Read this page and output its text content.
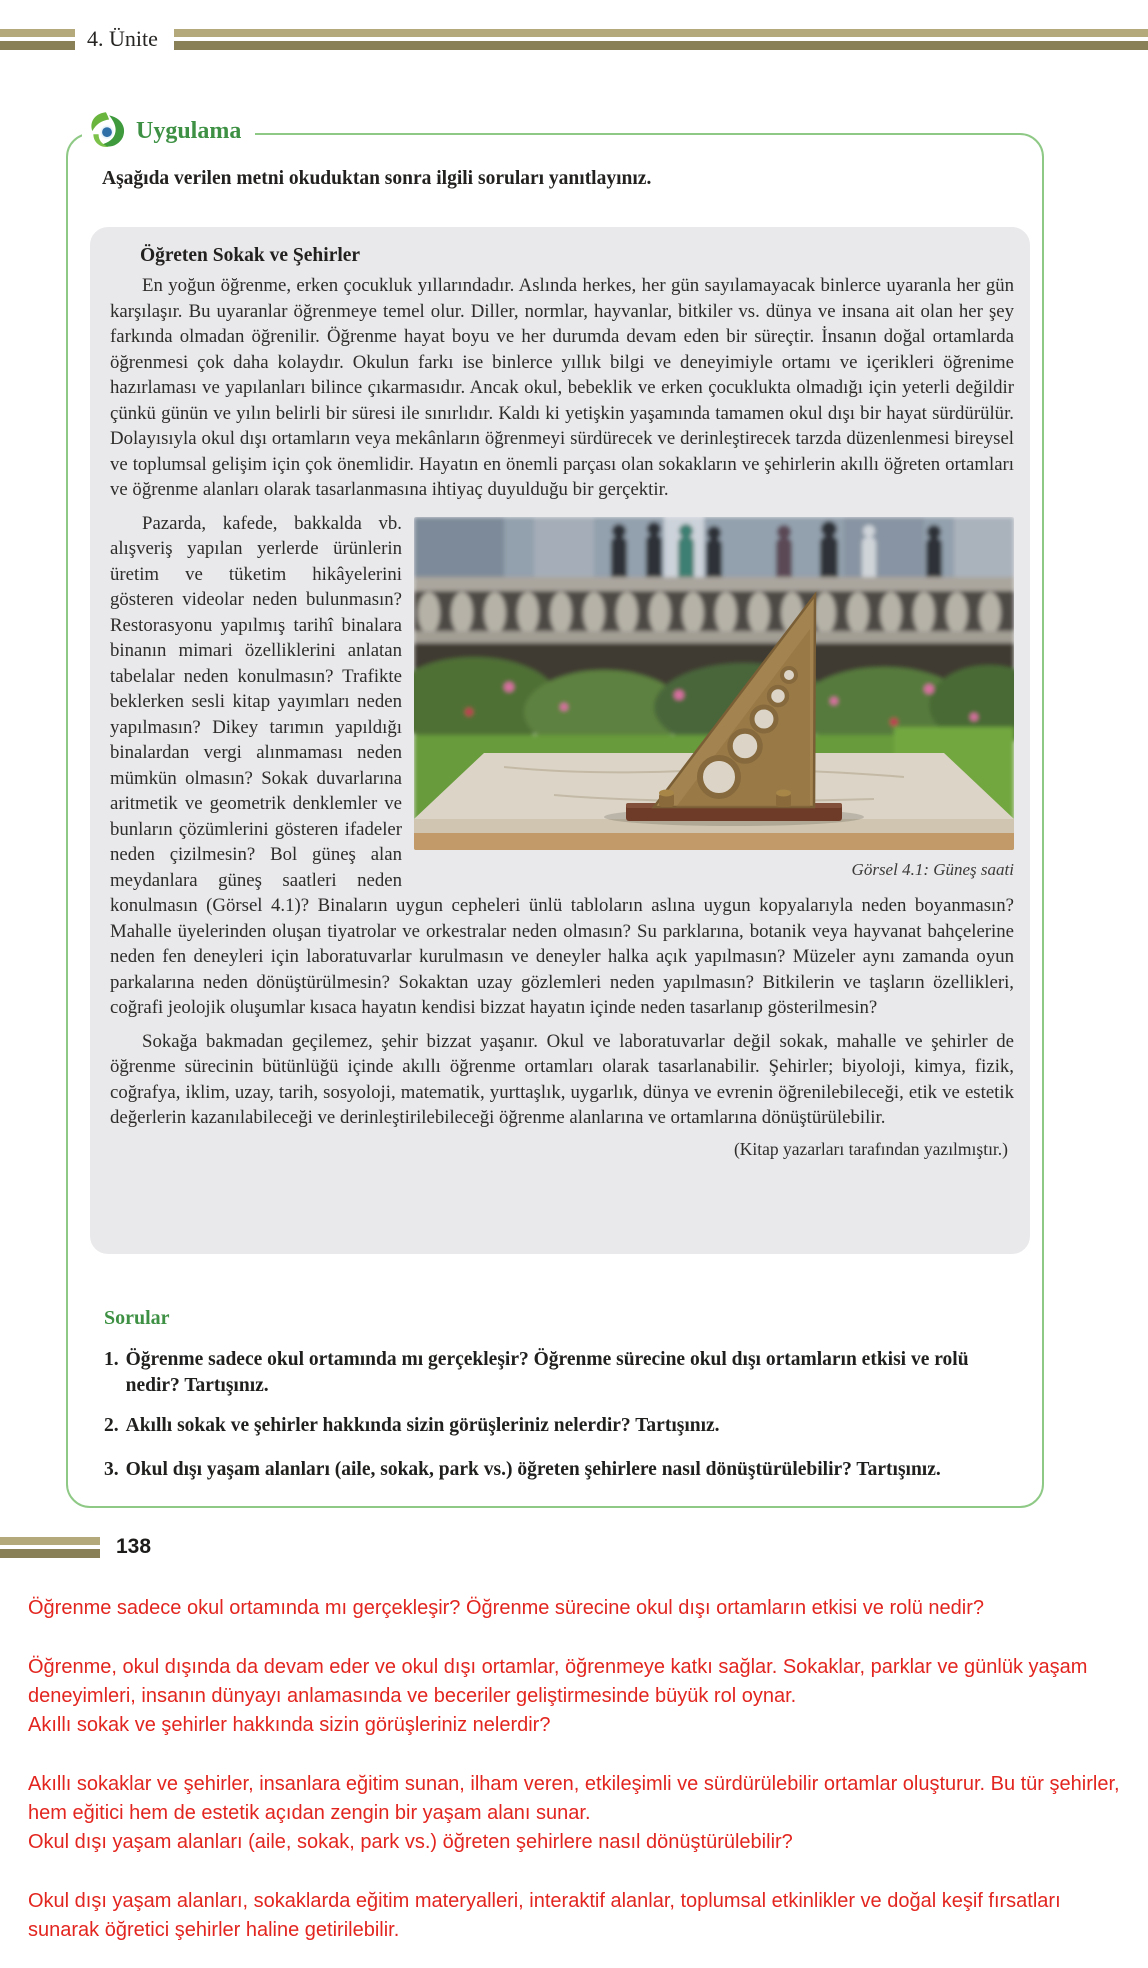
4. Ünite
Uygulama
Aşağıda verilen metni okuduktan sonra ilgili soruları yanıtlayınız.
Öğreten Sokak ve Şehirler

En yoğun öğrenme, erken çocukluk yıllarındadır. Aslında herkes, her gün sayılamayacak binlerce uyaranla her gün karşılaşır. Bu uyaranlar öğrenmeye temel olur. Diller, normlar, hayvanlar, bitkiler vs. dünya ve insana ait olan her şey farkında olmadan öğrenilir. Öğrenme hayat boyu ve her durumda devam eden bir süreçtir. İnsanın doğal ortamlarda öğrenmesi çok daha kolaydır. Okulun farkı ise binlerce yıllık bilgi ve deneyimiyle ortamı ve içerikleri öğrenime hazırlaması ve yapılanları bilince çıkarmasıdır. Ancak okul, bebeklik ve erken çocuklukta olmadığı için yeterli değildir çünkü günün ve yılın belirli bir süresi ile sınırlıdır. Kaldı ki yetişkin yaşamında tamamen okul dışı bir hayat sürdürülür. Dolayısıyla okul dışı ortamların veya mekânların öğrenmeyi sürdürecek ve derinleştirecek tarzda düzenlenmesi bireysel ve toplumsal gelişim için çok önemlidir. Hayatın en önemli parçası olan sokakların ve şehirlerin akıllı öğreten ortamları ve öğrenme alanları olarak tasarlanmasına ihtiyaç duyulduğu bir gerçektir.

Görsel 4.1: Güneş saati

Pazarda, kafede, bakkalda vb. alışveriş yapılan yerlerde ürünlerin üretim ve tüketim hikâyelerini gösteren videolar neden bulunmasın? Restorasyonu yapılmış tarihî binalara binanın mimari özelliklerini anlatan tabelalar neden konulmasın? Trafikte beklerken sesli kitap yayımları neden yapılmasın? Dikey tarımın yapıldığı binalardan vergi alınmaması neden mümkün olmasın? Sokak duvarlarına aritmetik ve geometrik denklemler ve bunların çözümlerini gösteren ifadeler neden çizilmesin? Bol güneş alan meydanlara güneş saatleri neden konulmasın (Görsel 4.1)? Binaların uygun cepheleri ünlü tabloların aslına uygun kopyalarıyla neden boyanmasın? Mahalle üyelerinden oluşan tiyatrolar ve orkestralar neden olmasın? Su parklarına, botanik veya hayvanat bahçelerine neden fen deneyleri için laboratuvarlar kurulmasın ve deneyler halka açık yapılmasın? Müzeler aynı zamanda oyun parkalarına neden dönüştürülmesin? Sokaktan uzay gözlemleri neden yapılmasın? Bitkilerin ve taşların özellikleri, coğrafi jeolojik oluşumlar kısaca hayatın kendisi bizzat hayatın içinde neden tasarlanıp gösterilmesin?

Sokağa bakmadan geçilemez, şehir bizzat yaşanır. Okul ve laboratuvarlar değil sokak, mahalle ve şehirler de öğrenme sürecinin bütünlüğü içinde akıllı öğrenme ortamları olarak tasarlanabilir. Şehirler; biyoloji, kimya, fizik, coğrafya, iklim, uzay, tarih, sosyoloji, matematik, yurttaşlık, uygarlık, dünya ve evrenin öğrenilebileceği, etik ve estetik değerlerin kazanılabileceği ve derinleştirilebileceği öğrenme alanlarına ve ortamlarına dönüştürülebilir.

(Kitap yazarları tarafından yazılmıştır.)
Sorular
1. Öğrenme sadece okul ortamında mı gerçekleşir? Öğrenme sürecine okul dışı ortamların etkisi ve rolü nedir? Tartışınız.
2. Akıllı sokak ve şehirler hakkında sizin görüşleriniz nelerdir? Tartışınız.
3. Okul dışı yaşam alanları (aile, sokak, park vs.) öğreten şehirlere nasıl dönüştürülebilir? Tartışınız.
138

Öğrenme sadece okul ortamında mı gerçekleşir? Öğrenme sürecine okul dışı ortamların etkisi ve rolü nedir?

Öğrenme, okul dışında da devam eder ve okul dışı ortamlar, öğrenmeye katkı sağlar. Sokaklar, parklar ve günlük yaşam deneyimleri, insanın dünyayı anlamasında ve beceriler geliştirmesinde büyük rol oynar.

Akıllı sokak ve şehirler hakkında sizin görüşleriniz nelerdir?

Akıllı sokaklar ve şehirler, insanlara eğitim sunan, ilham veren, etkileşimli ve sürdürülebilir ortamlar oluşturur. Bu tür şehirler, hem eğitici hem de estetik açıdan zengin bir yaşam alanı sunar.

Okul dışı yaşam alanları (aile, sokak, park vs.) öğreten şehirlere nasıl dönüştürülebilir?

Okul dışı yaşam alanları, sokaklarda eğitim materyalleri, interaktif alanlar, toplumsal etkinlikler ve doğal keşif fırsatları sunarak öğretici şehirler haline getirilebilir.
